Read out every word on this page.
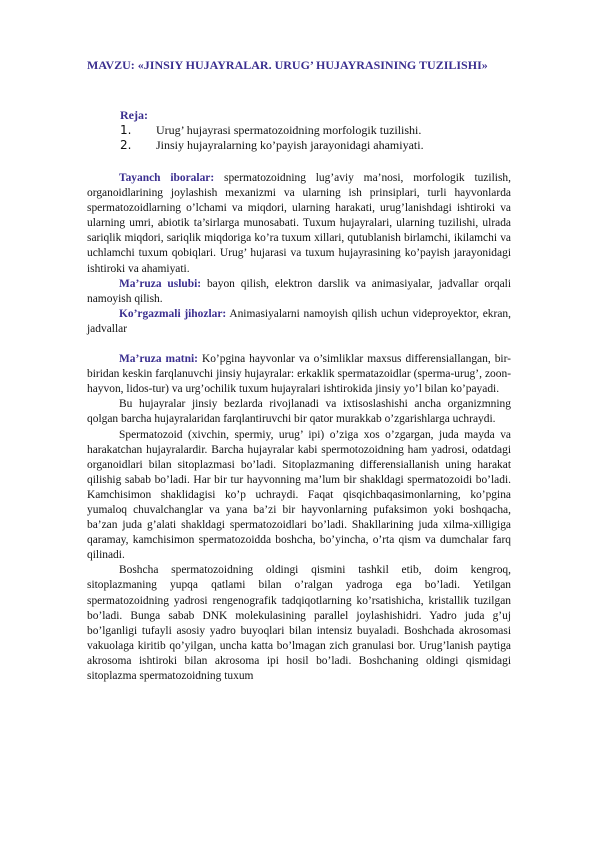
MAVZU: «JINSIY HUJAYRALAR. URUG’ HUJAYRASINING TUZILISHI»
Reja:
1.	Urug’ hujayrasi spermatozoidning morfologik tuzilishi.
2.	Jinsiy hujayralarning ko’payish jarayonidagi ahamiyati.

Tayanch iboralar: spermatozoidning lug’aviy ma’nosi, morfologik tuzilish, organoidlarining joylashish mexanizmi va ularning ish prinsiplari, turli hayvonlarda spermatozoidlarning o’lchami va miqdori, ularning harakati, urug’lanishdagi ishtiroki va ularning umri, abiotik ta’sirlarga munosabati. Tuxum hujayralari, ularning tuzilishi, ulrada sariqlik miqdori, sariqlik miqdoriga ko’ra tuxum xillari, qutublanish birlamchi, ikilamchi va uchlamchi tuxum qobiqlari. Urug’ hujarasi va tuxum hujayrasining ko’payish jarayonidagi ishtiroki va ahamiyati.

Ma’ruza uslubi: bayon qilish, elektron darslik va animasiyalar, jadvallar orqali namoyish qilish.

Ko’rgazmali jihozlar: Animasiyalarni namoyish qilish uchun videproyektor, ekran, jadvallar

Ma’ruza matni: Ko’pgina hayvonlar va o’simliklar maxsus differensiallangan, bir-biridan keskin farqlanuvchi jinsiy hujayralar: erkaklik spermatazoidlar (sperma-urug’, zoon-hayvon, lidos-tur) va urg’ochilik tuxum hujayralari ishtirokida jinsiy yo’l bilan ko’payadi.

Bu hujayralar jinsiy bezlarda rivojlanadi va ixtisoslashishi ancha organizmning qolgan barcha hujayralaridan farqlantiruvchi bir qator murakkab o’zgarishlarga uchraydi.

Spermatozoid (xivchin, spermiy, urug’ ipi) o’ziga xos o’zgargan, juda mayda va harakatchan hujayralardir. Barcha hujayralar kabi spermotozoidning ham yadrosi, odatdagi organoidlari bilan sitoplazmasi bo’ladi. Sitoplazmaning differensiallanish uning harakat qilishig sabab bo’ladi. Har bir tur hayvonning ma’lum bir shakldagi spermatozoidi bo’ladi. Kamchisimon shaklidagisi ko’p uchraydi. Faqat qisqichbaqasimonlarning, ko’pgina yumaloq chuvalchanglar va yana ba’zi bir hayvonlarning pufaksimon yoki boshqacha, ba’zan juda g’alati shakldagi spermatozoidlari bo’ladi. Shakllarining juda xilma-xilligiga qaramay, kamchisimon spermatozoidda boshcha, bo’yincha, o’rta qism va dumchalar farq qilinadi.

Boshcha spermatozoidning oldingi qismini tashkil etib, doim kengroq, sitoplazmaning yupqa qatlami bilan o’ralgan yadroga ega bo’ladi. Yetilgan spermatozoidning yadrosi rengenografik tadqiqotlarning ko’rsatishicha, kristallik tuzilgan bo’ladi. Bunga sabab DNK molekulasining parallel joylashishidri. Yadro juda g’uj bo’lganligi tufayli asosiy yadro buyoqlari bilan intensiz buyaladi. Boshchada akrosomasi vakuolaga kiritib qo’yilgan, uncha katta bo’lmagan zich granulasi bor. Urug’lanish paytiga akrosoma ishtiroki bilan akrosoma ipi hosil bo’ladi. Boshchaning oldingi qismidagi sitoplazma spermatozoidning tuxum
